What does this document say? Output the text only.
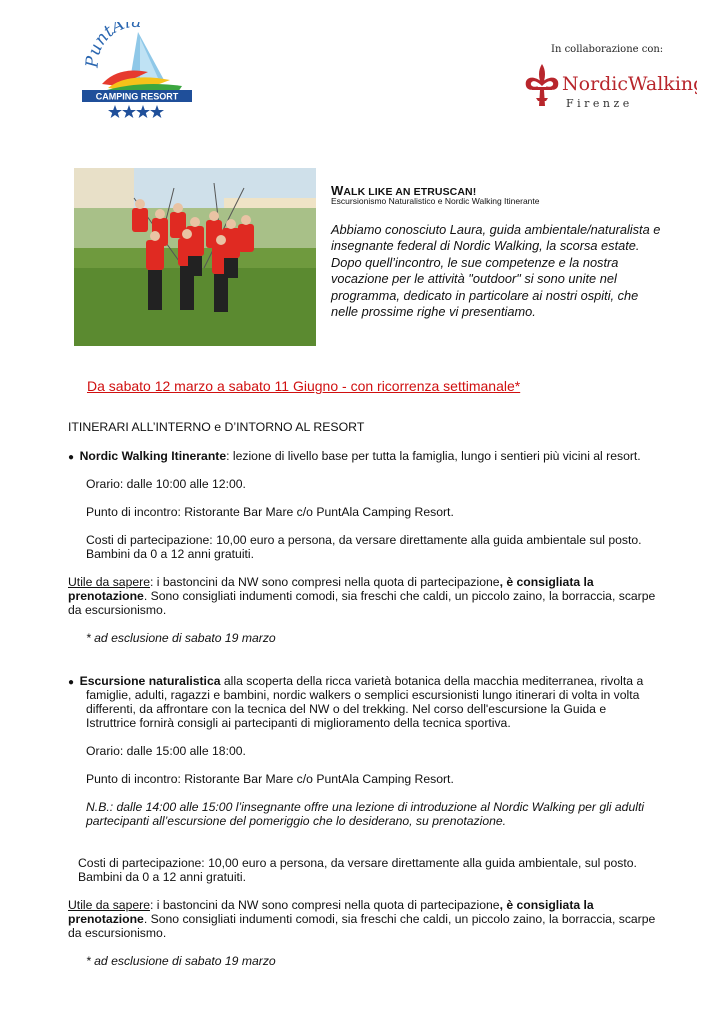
PuntAl
CAMPING RESORT
In collaborazione con:
NordicWalking
F i r e n z e
WALK LIKE AN ETRUSCAN!
Escursionismo Naturalistico e Nordic Walking Itinerante
Abbiamo conosciuto Laura, guida ambientale/naturalista e insegnante federal di Nordic Walking, la scorsa estate. Dopo quell’incontro, le sue competenze e la nostra vocazione per le attività "outdoor" si sono unite nel programma, dedicato in particolare ai nostri ospiti, che nelle prossime righe vi presentiamo.
Da sabato 12 marzo a sabato 11 Giugno - con ricorrenza settimanale*
ITINERARI ALL’INTERNO e D’INTORNO AL RESORT

●  Nordic Walking Itinerante: lezione di livello base per tutta la famiglia, lungo i sentieri più vicini al resort.

Orario: dalle 10:00 alle 12:00.

Punto di incontro: Ristorante Bar Mare c/o PuntAla Camping Resort.

Costi di partecipazione: 10,00 euro a persona, da versare direttamente alla guida ambientale sul posto.

Bambini da 0 a 12 anni gratuiti.

Utile da sapere: i bastoncini da NW sono compresi nella quota di partecipazione, è consigliata la

prenotazione. Sono consigliati indumenti comodi, sia freschi che caldi, un piccolo zaino, la borraccia, scarpe

da escursionismo.

* ad esclusione di sabato 19 marzo

●  Escursione naturalistica alla scoperta della ricca varietà botanica della macchia mediterranea, rivolta a

famiglie, adulti, ragazzi e bambini, nordic walkers o semplici escursionisti lungo itinerari di volta in volta

differenti, da affrontare con la tecnica del NW o del trekking. Nel corso dell'escursione la Guida e

Istruttrice fornirà consigli ai partecipanti di miglioramento della tecnica sportiva.

Orario: dalle 15:00 alle 18:00.

Punto di incontro: Ristorante Bar Mare c/o PuntAla Camping Resort.

N.B.: dalle 14:00 alle 15:00 l’insegnante offre una lezione di introduzione al Nordic Walking per gli adulti

partecipanti all’escursione del pomeriggio che lo desiderano, su prenotazione.

Costi di partecipazione: 10,00 euro a persona, da versare direttamente alla guida ambientale, sul posto.

Bambini da 0 a 12 anni gratuiti.

Utile da sapere: i bastoncini da NW sono compresi nella quota di partecipazione, è consigliata la

prenotazione. Sono consigliati indumenti comodi, sia freschi che caldi, un piccolo zaino, la borraccia, scarpe

da escursionismo.

* ad esclusione di sabato 19 marzo
